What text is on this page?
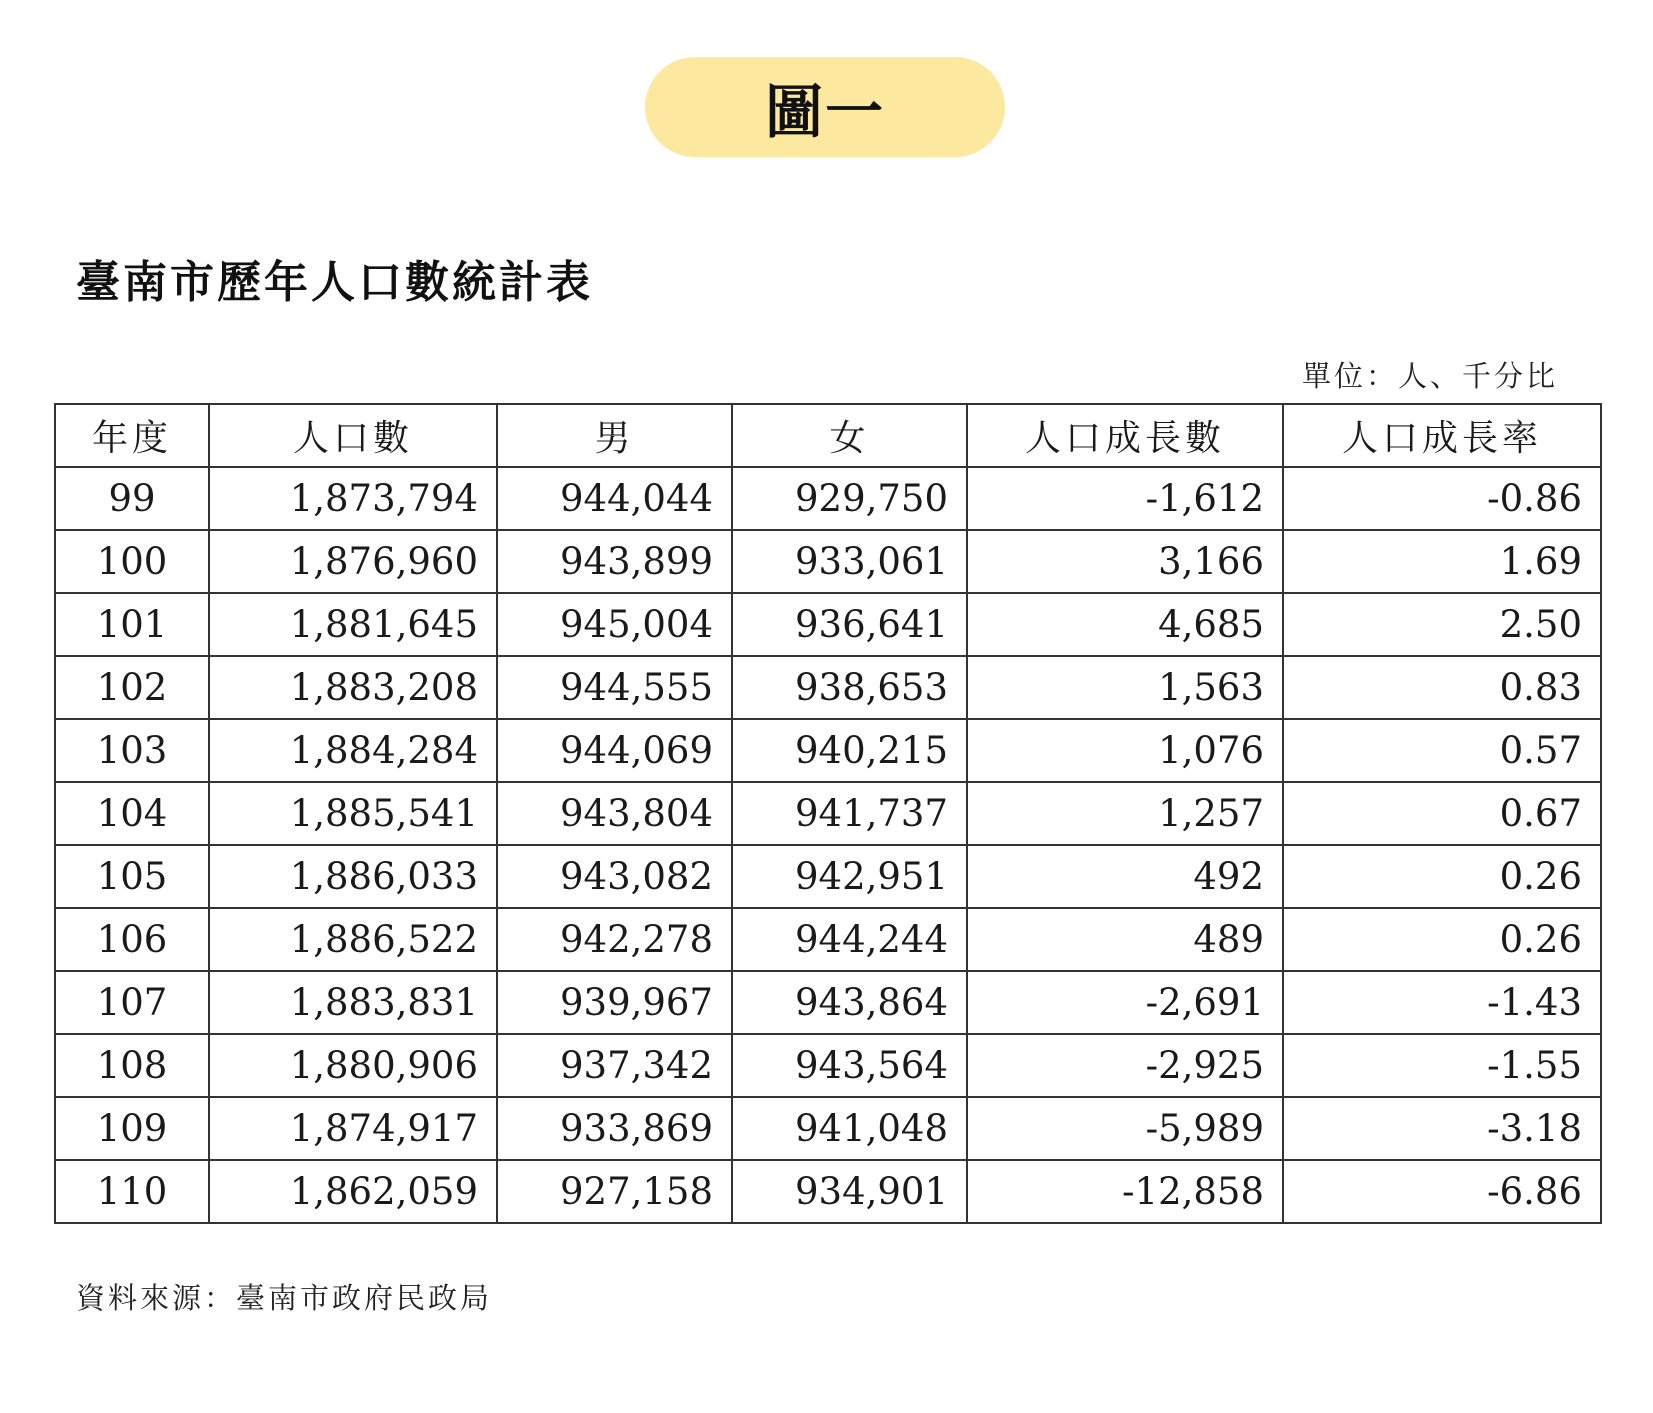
圖一
臺南市歷年人口數統計表
單位：人、千分比
年度	人口數	男	女	人口成長數	人口成長率
99	1,873,794	944,044	929,750	-1,612	-0.86
100	1,876,960	943,899	933,061	3,166	1.69
101	1,881,645	945,004	936,641	4,685	2.50
102	1,883,208	944,555	938,653	1,563	0.83
103	1,884,284	944,069	940,215	1,076	0.57
104	1,885,541	943,804	941,737	1,257	0.67
105	1,886,033	943,082	942,951	492	0.26
106	1,886,522	942,278	944,244	489	0.26
107	1,883,831	939,967	943,864	-2,691	-1.43
108	1,880,906	937,342	943,564	-2,925	-1.55
109	1,874,917	933,869	941,048	-5,989	-3.18
110	1,862,059	927,158	934,901	-12,858	-6.86
資料來源：臺南市政府民政局
